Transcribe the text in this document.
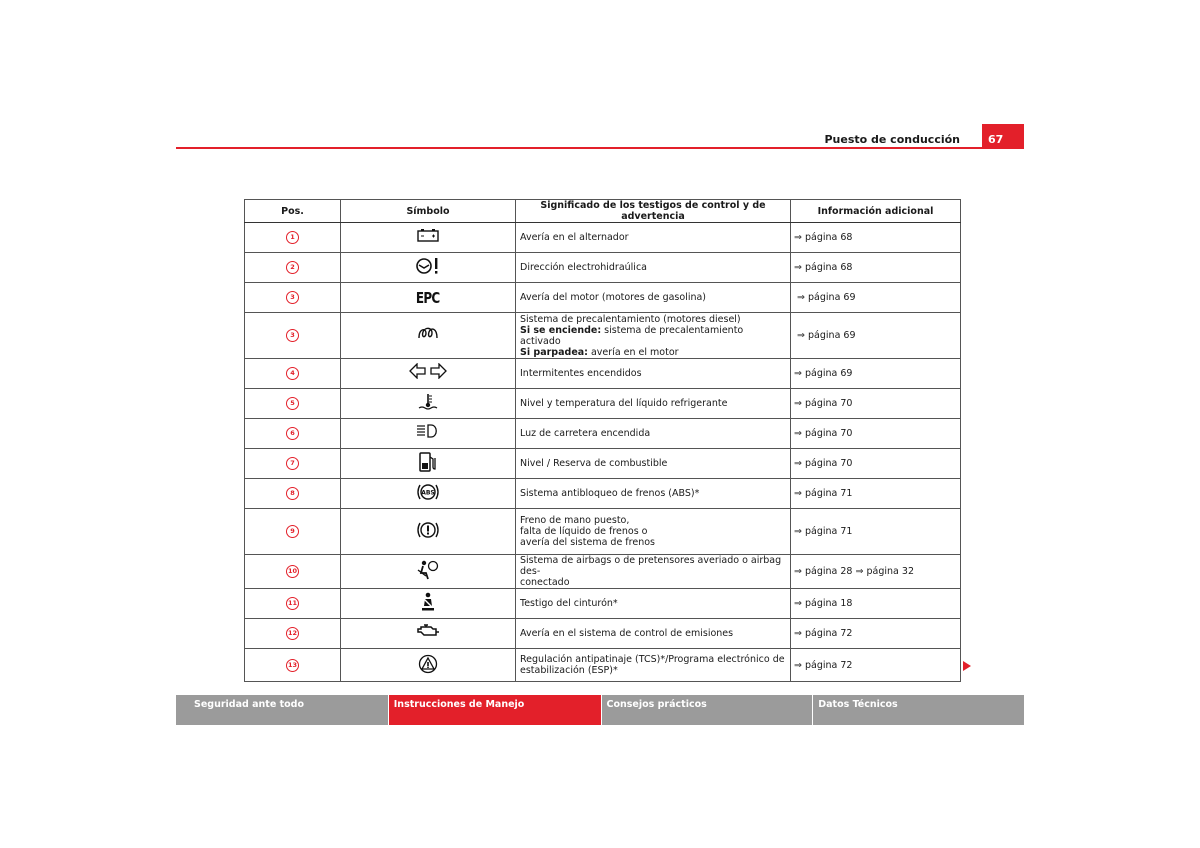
Puesto de conducción	67
Pos.	Símbolo	Significado de los testigos de control y de advertencia	Información adicional
1		Avería en el alternador	⇒ página 68
2		Dirección electrohidraúlica	⇒ página 68
3	EPC	Avería del motor (motores de gasolina)	⇒ página 69
3		Sistema de precalentamiento (motores diesel)
Si se enciende: sistema de precalentamiento activado
Si parpadea: avería en el motor	⇒ página 69
4		Intermitentes encendidos	⇒ página 69
5		Nivel y temperatura del líquido refrigerante	⇒ página 70
6		Luz de carretera encendida	⇒ página 70
7		Nivel / Reserva de combustible	⇒ página 70
8	ABS	Sistema antibloqueo de frenos (ABS)*	⇒ página 71
9		Freno de mano puesto,
falta de líquido de frenos o
avería del sistema de frenos	⇒ página 71
10		Sistema de airbags o de pretensores averiado o airbag des-
conectado	⇒ página 28 ⇒ página 32
11		Testigo del cinturón*	⇒ página 18
12		Avería en el sistema de control de emisiones	⇒ página 72
13		Regulación antipatinaje (TCS)*/Programa electrónico de
estabilización (ESP)*	⇒ página 72
Seguridad ante todo	Instrucciones de Manejo	Consejos prácticos	Datos Técnicos
